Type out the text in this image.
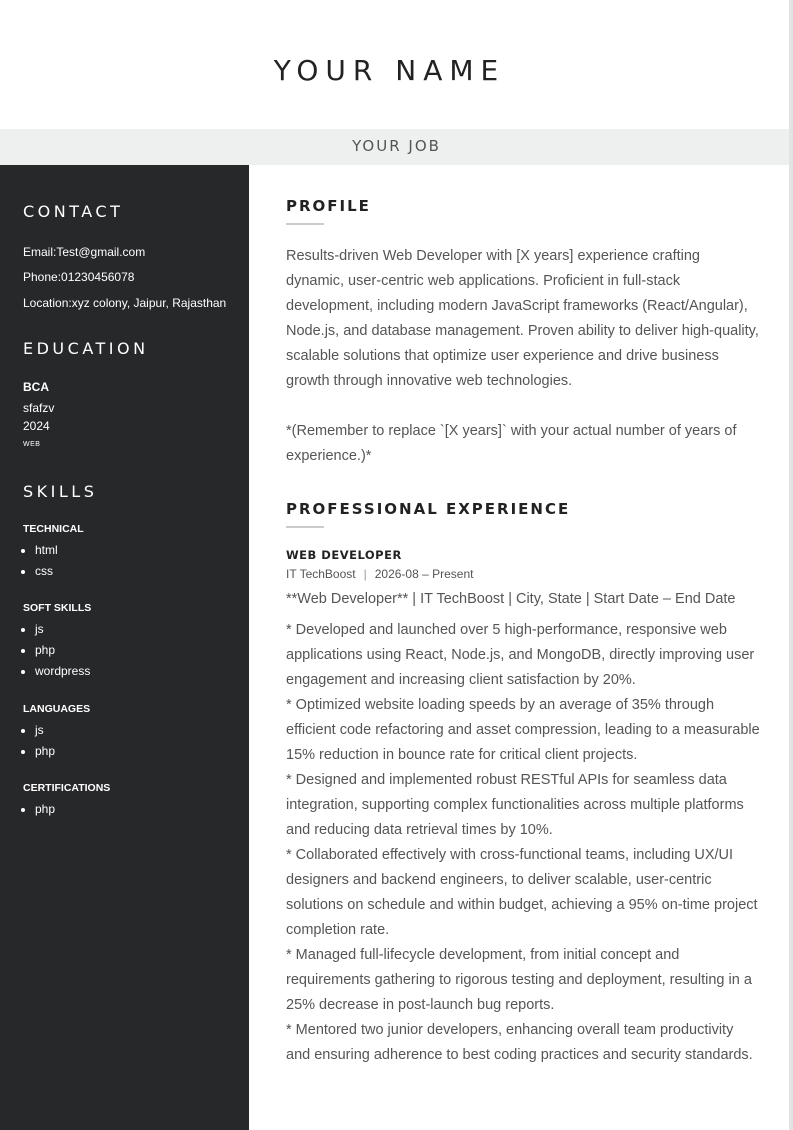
YOUR NAME
YOUR JOB
CONTACT
Email:Test@gmail.com
Phone:01230456078
Location:xyz colony, Jaipur, Rajasthan
EDUCATION
BCA
sfafzv
2024
WEB
SKILLS
TECHNICAL
• html
• css
SOFT SKILLS
• js
• php
• wordpress
LANGUAGES
• js
• php
CERTIFICATIONS
• php
PROFILE

Results-driven Web Developer with [X years] experience crafting dynamic, user-centric web applications. Proficient in full-stack development, including modern JavaScript frameworks (React/Angular), Node.js, and database management. Proven ability to deliver high-quality, scalable solutions that optimize user experience and drive business growth through innovative web technologies.

*(Remember to replace `[X years]` with your actual number of years of experience.)*

PROFESSIONAL EXPERIENCE
WEB DEVELOPER
IT TechBoost | 2026-08 – Present
**Web Developer** | IT TechBoost | City, State | Start Date – End Date

* Developed and launched over 5 high-performance, responsive web applications using React, Node.js, and MongoDB, directly improving user engagement and increasing client satisfaction by 20%.
* Optimized website loading speeds by an average of 35% through efficient code refactoring and asset compression, leading to a measurable 15% reduction in bounce rate for critical client projects.
* Designed and implemented robust RESTful APIs for seamless data integration, supporting complex functionalities across multiple platforms and reducing data retrieval times by 10%.
* Collaborated effectively with cross-functional teams, including UX/UI designers and backend engineers, to deliver scalable, user-centric solutions on schedule and within budget, achieving a 95% on-time project completion rate.
* Managed full-lifecycle development, from initial concept and requirements gathering to rigorous testing and deployment, resulting in a 25% decrease in post-launch bug reports.
* Mentored two junior developers, enhancing overall team productivity and ensuring adherence to best coding practices and security standards.
